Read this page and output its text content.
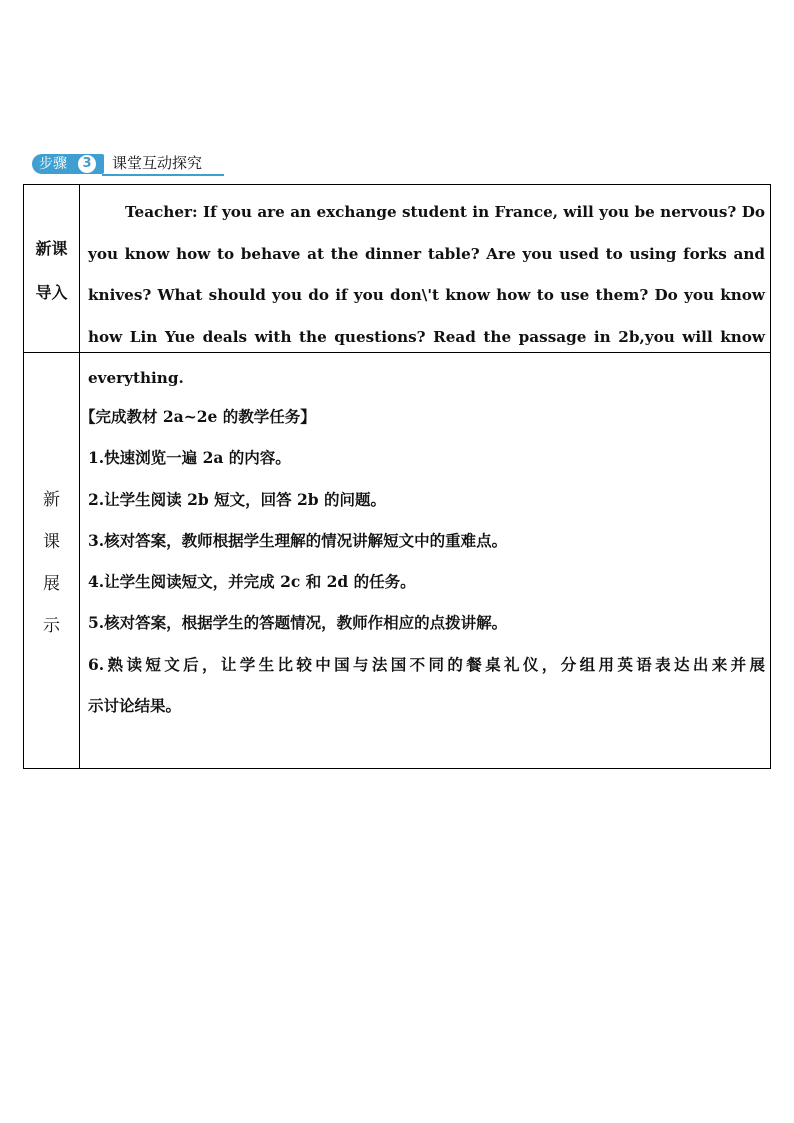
步骤	3 课堂互动探究
新课
导入
Teacher: If you are an exchange student in France, will you be nervous? Do you know how to behave at the dinner table? Are you used to using forks and knives? What should you do if you don\'t know how to use them? Do you know how Lin Yue deals with the questions? Read the passage in 2b,you will know everything.
新
课
展
示
【完成教材 2a~2e 的教学任务】
1.快速浏览一遍 2a 的内容。
2.让学生阅读 2b 短文，回答 2b 的问题。
3.核对答案，教师根据学生理解的情况讲解短文中的重难点。
4.让学生阅读短文，并完成 2c 和 2d 的任务。
5.核对答案，根据学生的答题情况，教师作相应的点拨讲解。
6.熟读短文后，让学生比较中国与法国不同的餐桌礼仪，分组用英语表达出来并展
示讨论结果。
